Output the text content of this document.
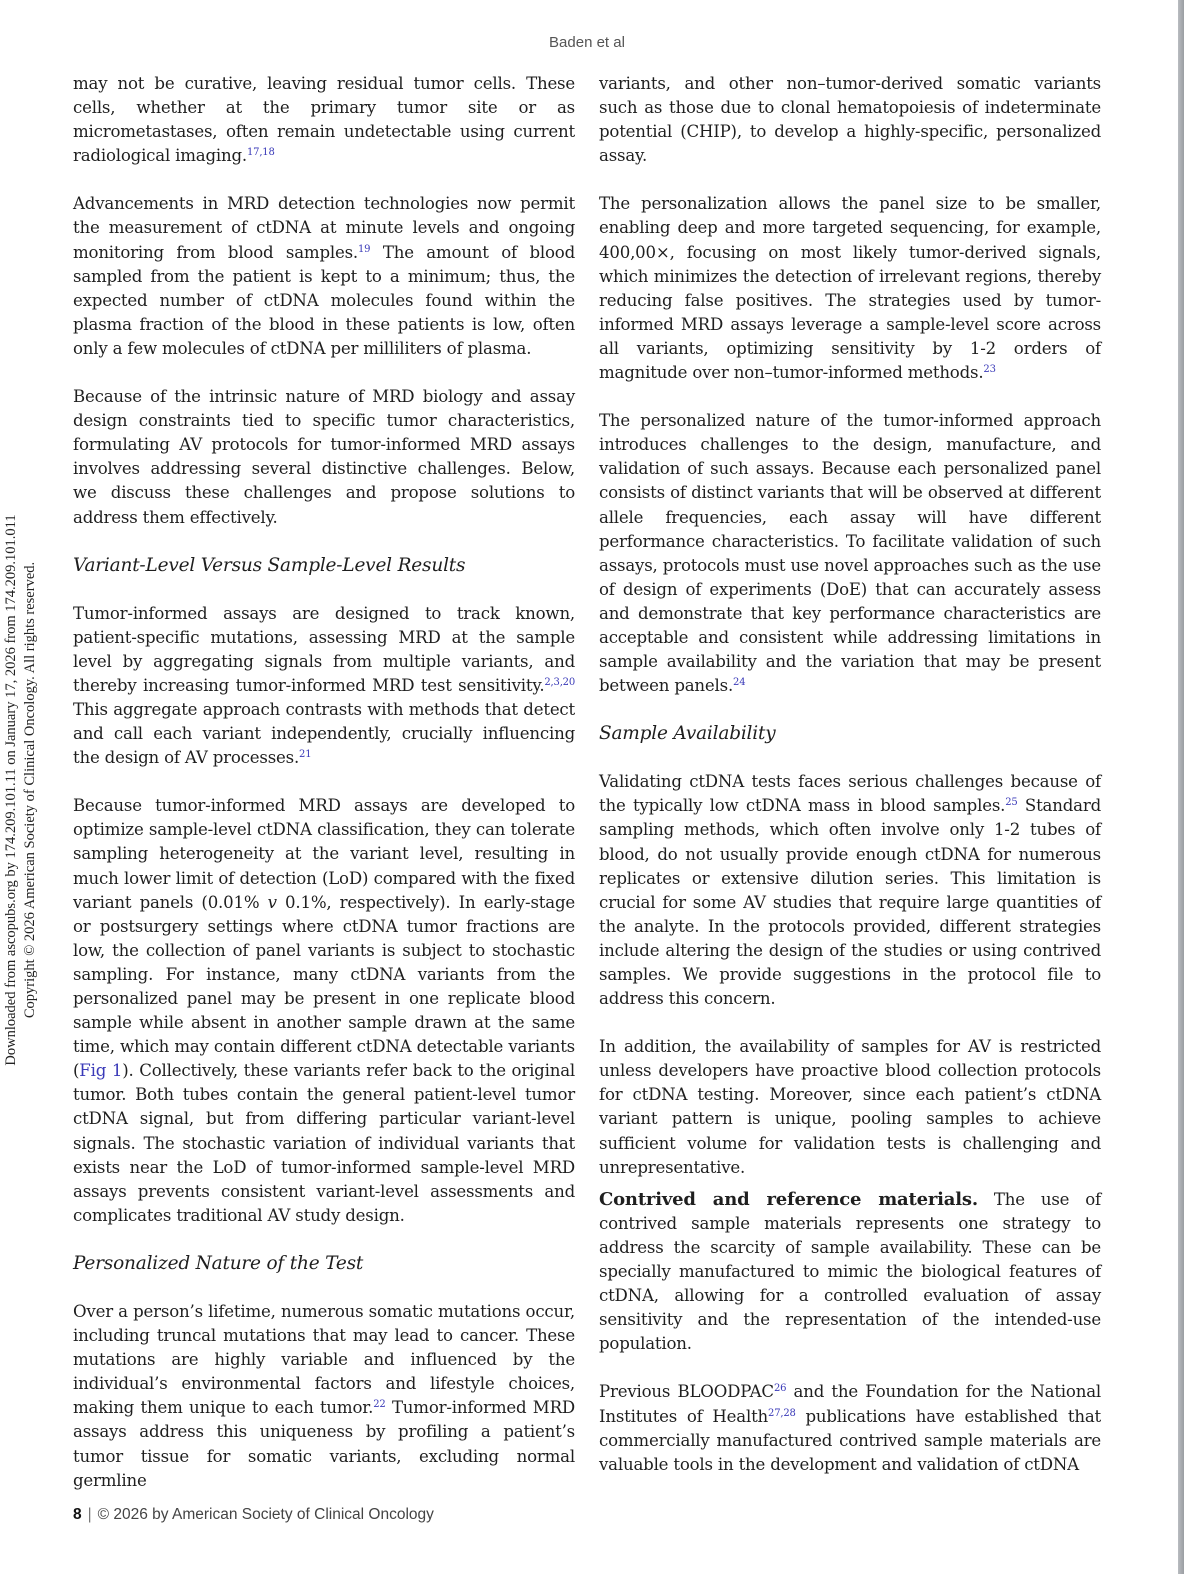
Baden et al
Downloaded from ascopubs.org by 174.209.101.11 on January 17, 2026 from 174.209.101.011 Copyright © 2026 American Society of Clinical Oncology. All rights reserved.

may not be curative, leaving residual tumor cells. These cells, whether at the primary tumor site or as micrometastases, often remain undetectable using current radiological imaging.$^{17,18}$

Advancements in MRD detection technologies now permit the measurement of ctDNA at minute levels and ongoing monitoring from blood samples.$^{19}$ The amount of blood sampled from the patient is kept to a minimum; thus, the expected number of ctDNA molecules found within the plasma fraction of the blood in these patients is low, often only a few molecules of ctDNA per milliliters of plasma.

Because of the intrinsic nature of MRD biology and assay design constraints tied to specific tumor characteristics, formulating AV protocols for tumor-informed MRD assays involves addressing several distinctive challenges. Below, we discuss these challenges and propose solutions to address them effectively.

Variant-Level Versus Sample-Level Results

Tumor-informed assays are designed to track known, patient-specific mutations, assessing MRD at the sample level by aggregating signals from multiple variants, and thereby increasing tumor-informed MRD test sensitivity.$^{2,3,20}$ This aggregate approach contrasts with methods that detect and call each variant independently, crucially influencing the design of AV processes.$^{21}$

Because tumor-informed MRD assays are developed to optimize sample-level ctDNA classification, they can tolerate sampling heterogeneity at the variant level, resulting in much lower limit of detection (LoD) compared with the fixed variant panels (0.01% v 0.1%, respectively). In early-stage or postsurgery settings where ctDNA tumor fractions are low, the collection of panel variants is subject to stochastic sampling. For instance, many ctDNA variants from the personalized panel may be present in one replicate blood sample while absent in another sample drawn at the same time, which may contain different ctDNA detectable variants (Fig 1). Collectively, these variants refer back to the original tumor. Both tubes contain the general patient-level tumor ctDNA signal, but from differing particular variant-level signals. The stochastic variation of individual variants that exists near the LoD of tumor-informed sample-level MRD assays prevents consistent variant-level assessments and complicates traditional AV study design.

Personalized Nature of the Test

Over a person’s lifetime, numerous somatic mutations occur, including truncal mutations that may lead to cancer. These mutations are highly variable and influenced by the individual’s environmental factors and lifestyle choices, making them unique to each tumor.$^{22}$ Tumor-informed MRD assays address this uniqueness by profiling a patient’s tumor tissue for somatic variants, excluding normal germline

variants, and other non–tumor-derived somatic variants such as those due to clonal hematopoiesis of indeterminate potential (CHIP), to develop a highly-specific, personalized assay.

The personalization allows the panel size to be smaller, enabling deep and more targeted sequencing, for example, 400,00×, focusing on most likely tumor-derived signals, which minimizes the detection of irrelevant regions, thereby reducing false positives. The strategies used by tumor-informed MRD assays leverage a sample-level score across all variants, optimizing sensitivity by 1-2 orders of magnitude over non–tumor-informed methods.$^{23}$

The personalized nature of the tumor-informed approach introduces challenges to the design, manufacture, and validation of such assays. Because each personalized panel consists of distinct variants that will be observed at different allele frequencies, each assay will have different performance characteristics. To facilitate validation of such assays, protocols must use novel approaches such as the use of design of experiments (DoE) that can accurately assess and demonstrate that key performance characteristics are acceptable and consistent while addressing limitations in sample availability and the variation that may be present between panels.$^{24}$

Sample Availability

Validating ctDNA tests faces serious challenges because of the typically low ctDNA mass in blood samples.$^{25}$ Standard sampling methods, which often involve only 1-2 tubes of blood, do not usually provide enough ctDNA for numerous replicates or extensive dilution series. This limitation is crucial for some AV studies that require large quantities of the analyte. In the protocols provided, different strategies include altering the design of the studies or using contrived samples. We provide suggestions in the protocol file to address this concern.

In addition, the availability of samples for AV is restricted unless developers have proactive blood collection protocols for ctDNA testing. Moreover, since each patient’s ctDNA variant pattern is unique, pooling samples to achieve sufficient volume for validation tests is challenging and unrepresentative.

Contrived and reference materials. The use of contrived sample materials represents one strategy to address the scarcity of sample availability. These can be specially manufactured to mimic the biological features of ctDNA, allowing for a controlled evaluation of assay sensitivity and the representation of the intended-use population.

Previous BLOODPAC$^{26}$ and the Foundation for the National Institutes of Health$^{27,28}$ publications have established that commercially manufactured contrived sample materials are valuable tools in the development and validation of ctDNA

8 | © 2026 by American Society of Clinical Oncology
